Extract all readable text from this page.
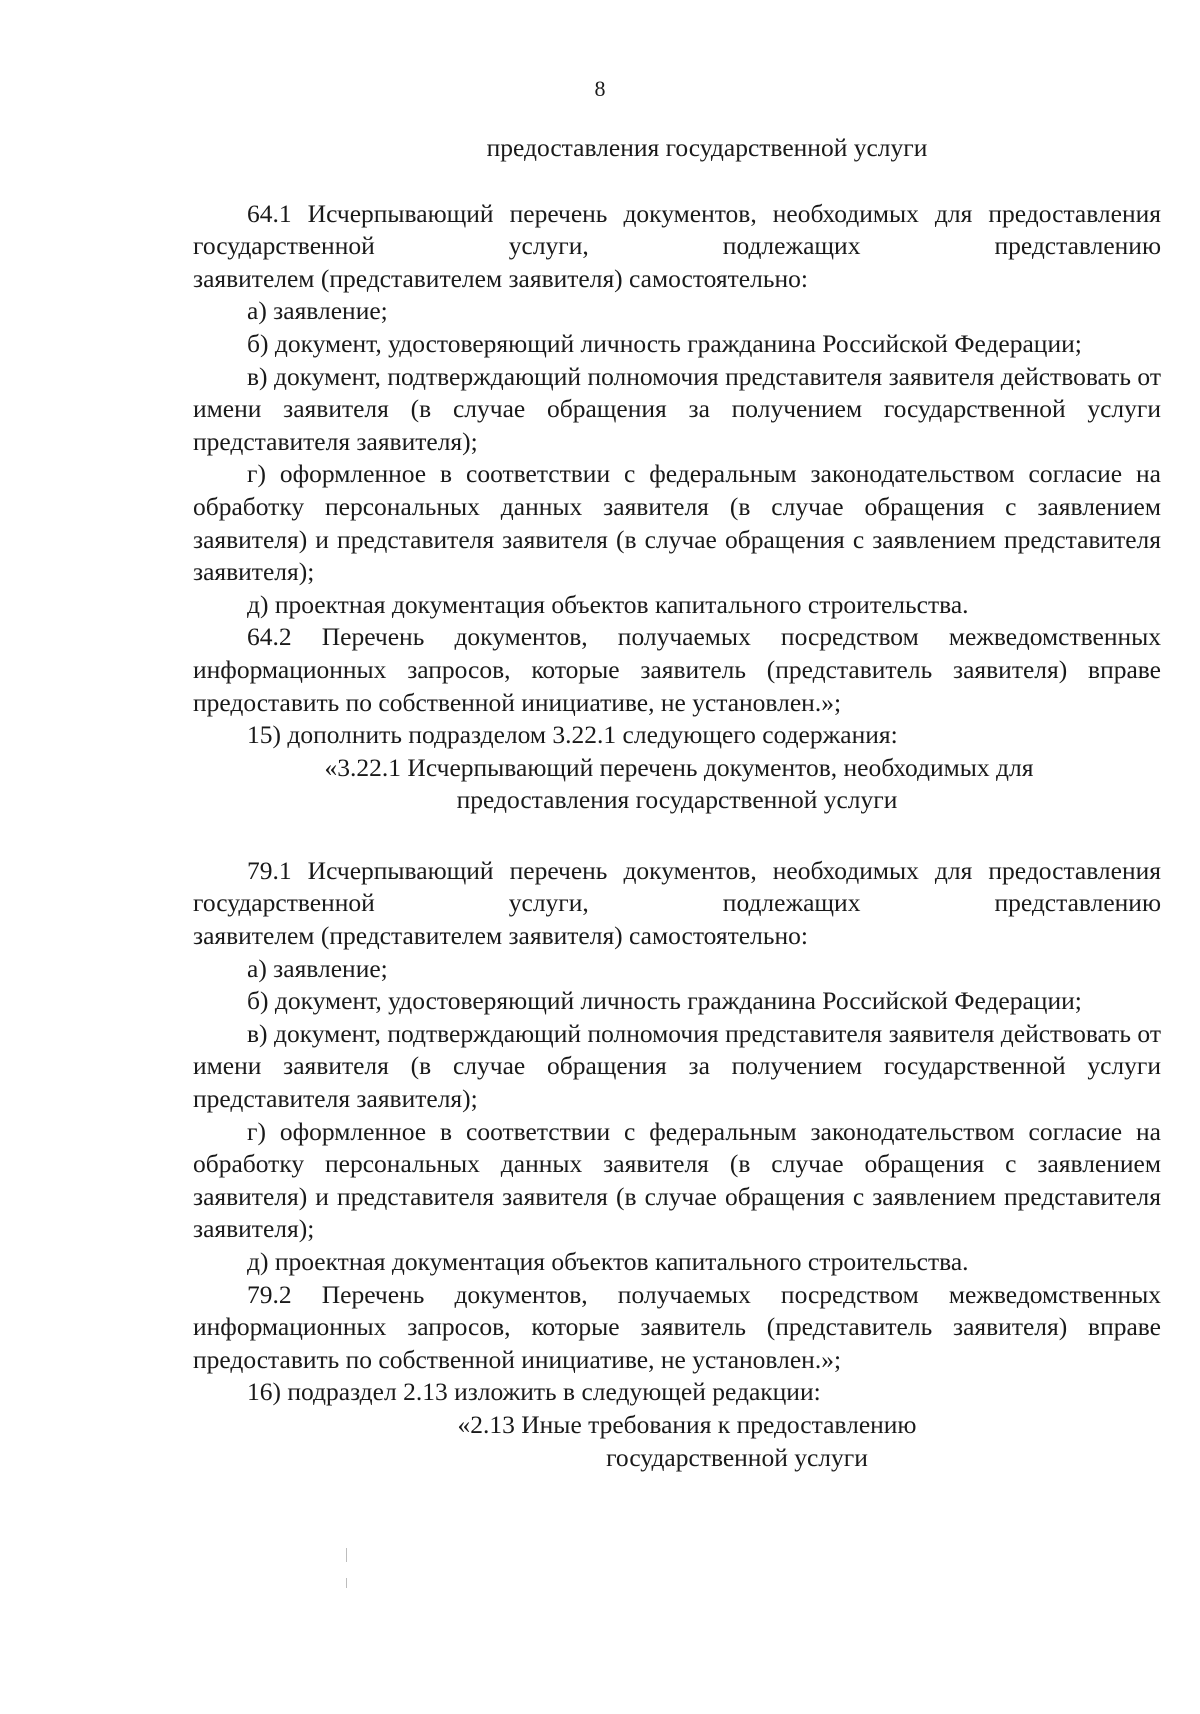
8

предоставления государственной услуги

64.1 Исчерпывающий перечень документов, необходимых для предоставления государственной услуги, подлежащих представлению

заявителем (представителем заявителя) самостоятельно:

а) заявление;

б) документ, удостоверяющий личность гражданина Российской Федерации;

в) документ, подтверждающий полномочия представителя заявителя действовать от имени заявителя (в случае обращения за получением государственной услуги представителя заявителя);

г) оформленное в соответствии с федеральным законодательством согласие на обработку персональных данных заявителя (в случае обращения с заявлением заявителя) и представителя заявителя (в случае обращения с заявлением представителя заявителя);

д) проектная документация объектов капитального строительства.

64.2 Перечень документов, получаемых посредством межведомственных информационных запросов, которые заявитель (представитель заявителя) вправе предоставить по собственной инициативе, не установлен.»;

15) дополнить подразделом 3.22.1 следующего содержания:

«3.22.1 Исчерпывающий перечень документов, необходимых для

предоставления государственной услуги

79.1 Исчерпывающий перечень документов, необходимых для предоставления государственной услуги, подлежащих представлению

заявителем (представителем заявителя) самостоятельно:

а) заявление;

б) документ, удостоверяющий личность гражданина Российской Федерации;

в) документ, подтверждающий полномочия представителя заявителя действовать от имени заявителя (в случае обращения за получением государственной услуги представителя заявителя);

г) оформленное в соответствии с федеральным законодательством согласие на обработку персональных данных заявителя (в случае обращения с заявлением заявителя) и представителя заявителя (в случае обращения с заявлением представителя заявителя);

д) проектная документация объектов капитального строительства.

79.2 Перечень документов, получаемых посредством межведомственных информационных запросов, которые заявитель (представитель заявителя) вправе предоставить по собственной инициативе, не установлен.»;

16) подраздел 2.13 изложить в следующей редакции:

«2.13 Иные требования к предоставлению

государственной услуги
